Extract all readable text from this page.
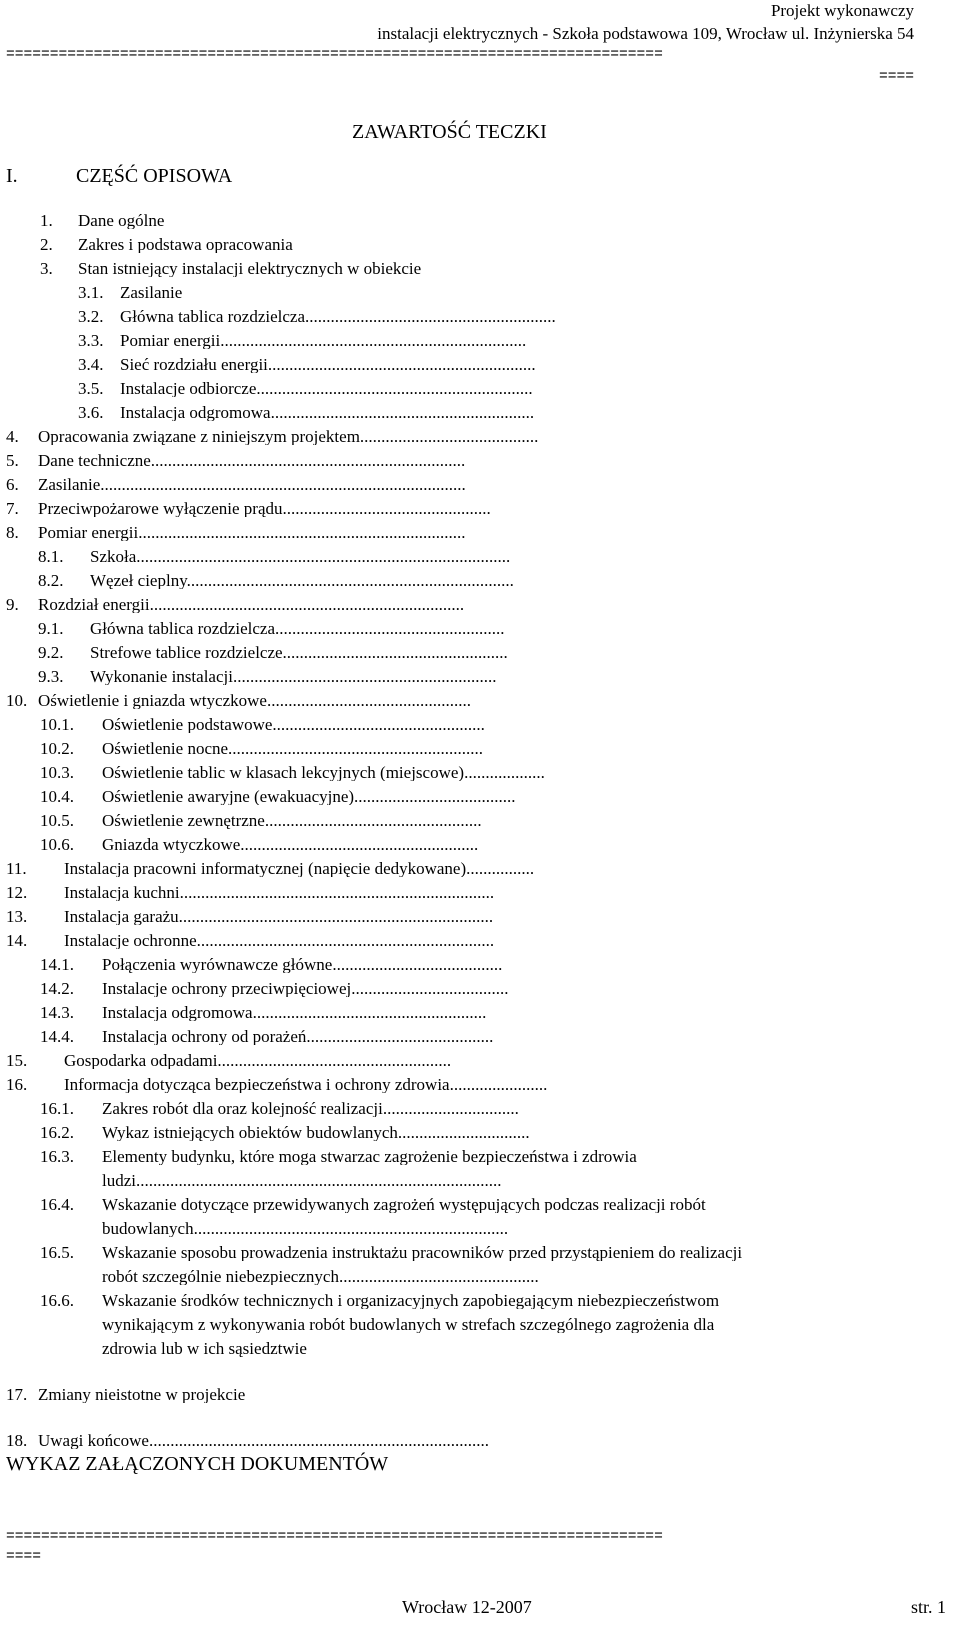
Projekt wykonawczy
instalacji elektrycznych - Szkoła podstawowa 109, Wrocław ul. Inżynierska 54
===========================================================================
====
ZAWARTOŚĆ TECZKI
I.	CZĘŚĆ OPISOWA
1. Dane ogólne
2. Zakres i podstawa opracowania
3. Stan istniejący instalacji elektrycznych w obiekcie
3.1. Zasilanie
3.2. Główna tablica rozdzielcza...........................................................
3.3. Pomiar energii........................................................................
3.4. Sieć rozdziału energii...............................................................
3.5. Instalacje odbiorcze.................................................................
3.6. Instalacja odgromowa..............................................................
4. Opracowania związane z niniejszym projektem..........................................
5. Dane techniczne..........................................................................
6. Zasilanie......................................................................................
7. Przeciwpożarowe wyłączenie prądu.................................................
8. Pomiar energii.............................................................................
8.1. Szkoła........................................................................................
8.2. Węzeł cieplny.............................................................................
9. Rozdział energii..........................................................................
9.1. Główna tablica rozdzielcza......................................................
9.2. Strefowe tablice rozdzielcze.....................................................
9.3. Wykonanie instalacji..............................................................
10. Oświetlenie i gniazda wtyczkowe................................................
10.1. Oświetlenie podstawowe..................................................
10.2. Oświetlenie nocne............................................................
10.3. Oświetlenie tablic w klasach lekcyjnych (miejscowe)...................
10.4. Oświetlenie awaryjne (ewakuacyjne)......................................
10.5. Oświetlenie zewnętrzne...................................................
10.6. Gniazda wtyczkowe........................................................
11. Instalacja pracowni informatycznej (napięcie dedykowane)................
12. Instalacja kuchni..........................................................................
13. Instalacja garażu..........................................................................
14. Instalacje ochronne......................................................................
14.1. Połączenia wyrównawcze główne........................................
14.2. Instalacje ochrony przeciwpięciowej.....................................
14.3. Instalacja odgromowa.......................................................
14.4. Instalacja ochrony od porażeń............................................
15. Gospodarka odpadami.......................................................
16. Informacja dotycząca bezpieczeństwa i ochrony zdrowia.......................
16.1. Zakres robót dla oraz kolejność realizacji................................
16.2. Wykaz istniejących obiektów budowlanych...............................
16.3. Elementy budynku, które moga stwarzac zagrożenie bezpieczeństwa i zdrowia
ludzi......................................................................................
16.4. Wskazanie dotyczące przewidywanych zagrożeń występujących podczas realizacji robót
budowlanych..........................................................................
16.5. Wskazanie sposobu prowadzenia instruktażu pracowników przed przystąpieniem do realizacji
robót szczególnie niebezpiecznych...............................................
16.6. Wskazanie środków technicznych i organizacyjnych zapobiegającym niebezpieczeństwom
wynikającym z wykonywania robót budowlanych w strefach szczególnego zagrożenia dla
zdrowia lub w ich sąsiedztwie
17. Zmiany nieistotne w projekcie
18. Uwagi końcowe................................................................................
WYKAZ ZAŁĄCZONYCH DOKUMENTÓW
===========================================================================
====
Wrocław 12-2007	str. 1
